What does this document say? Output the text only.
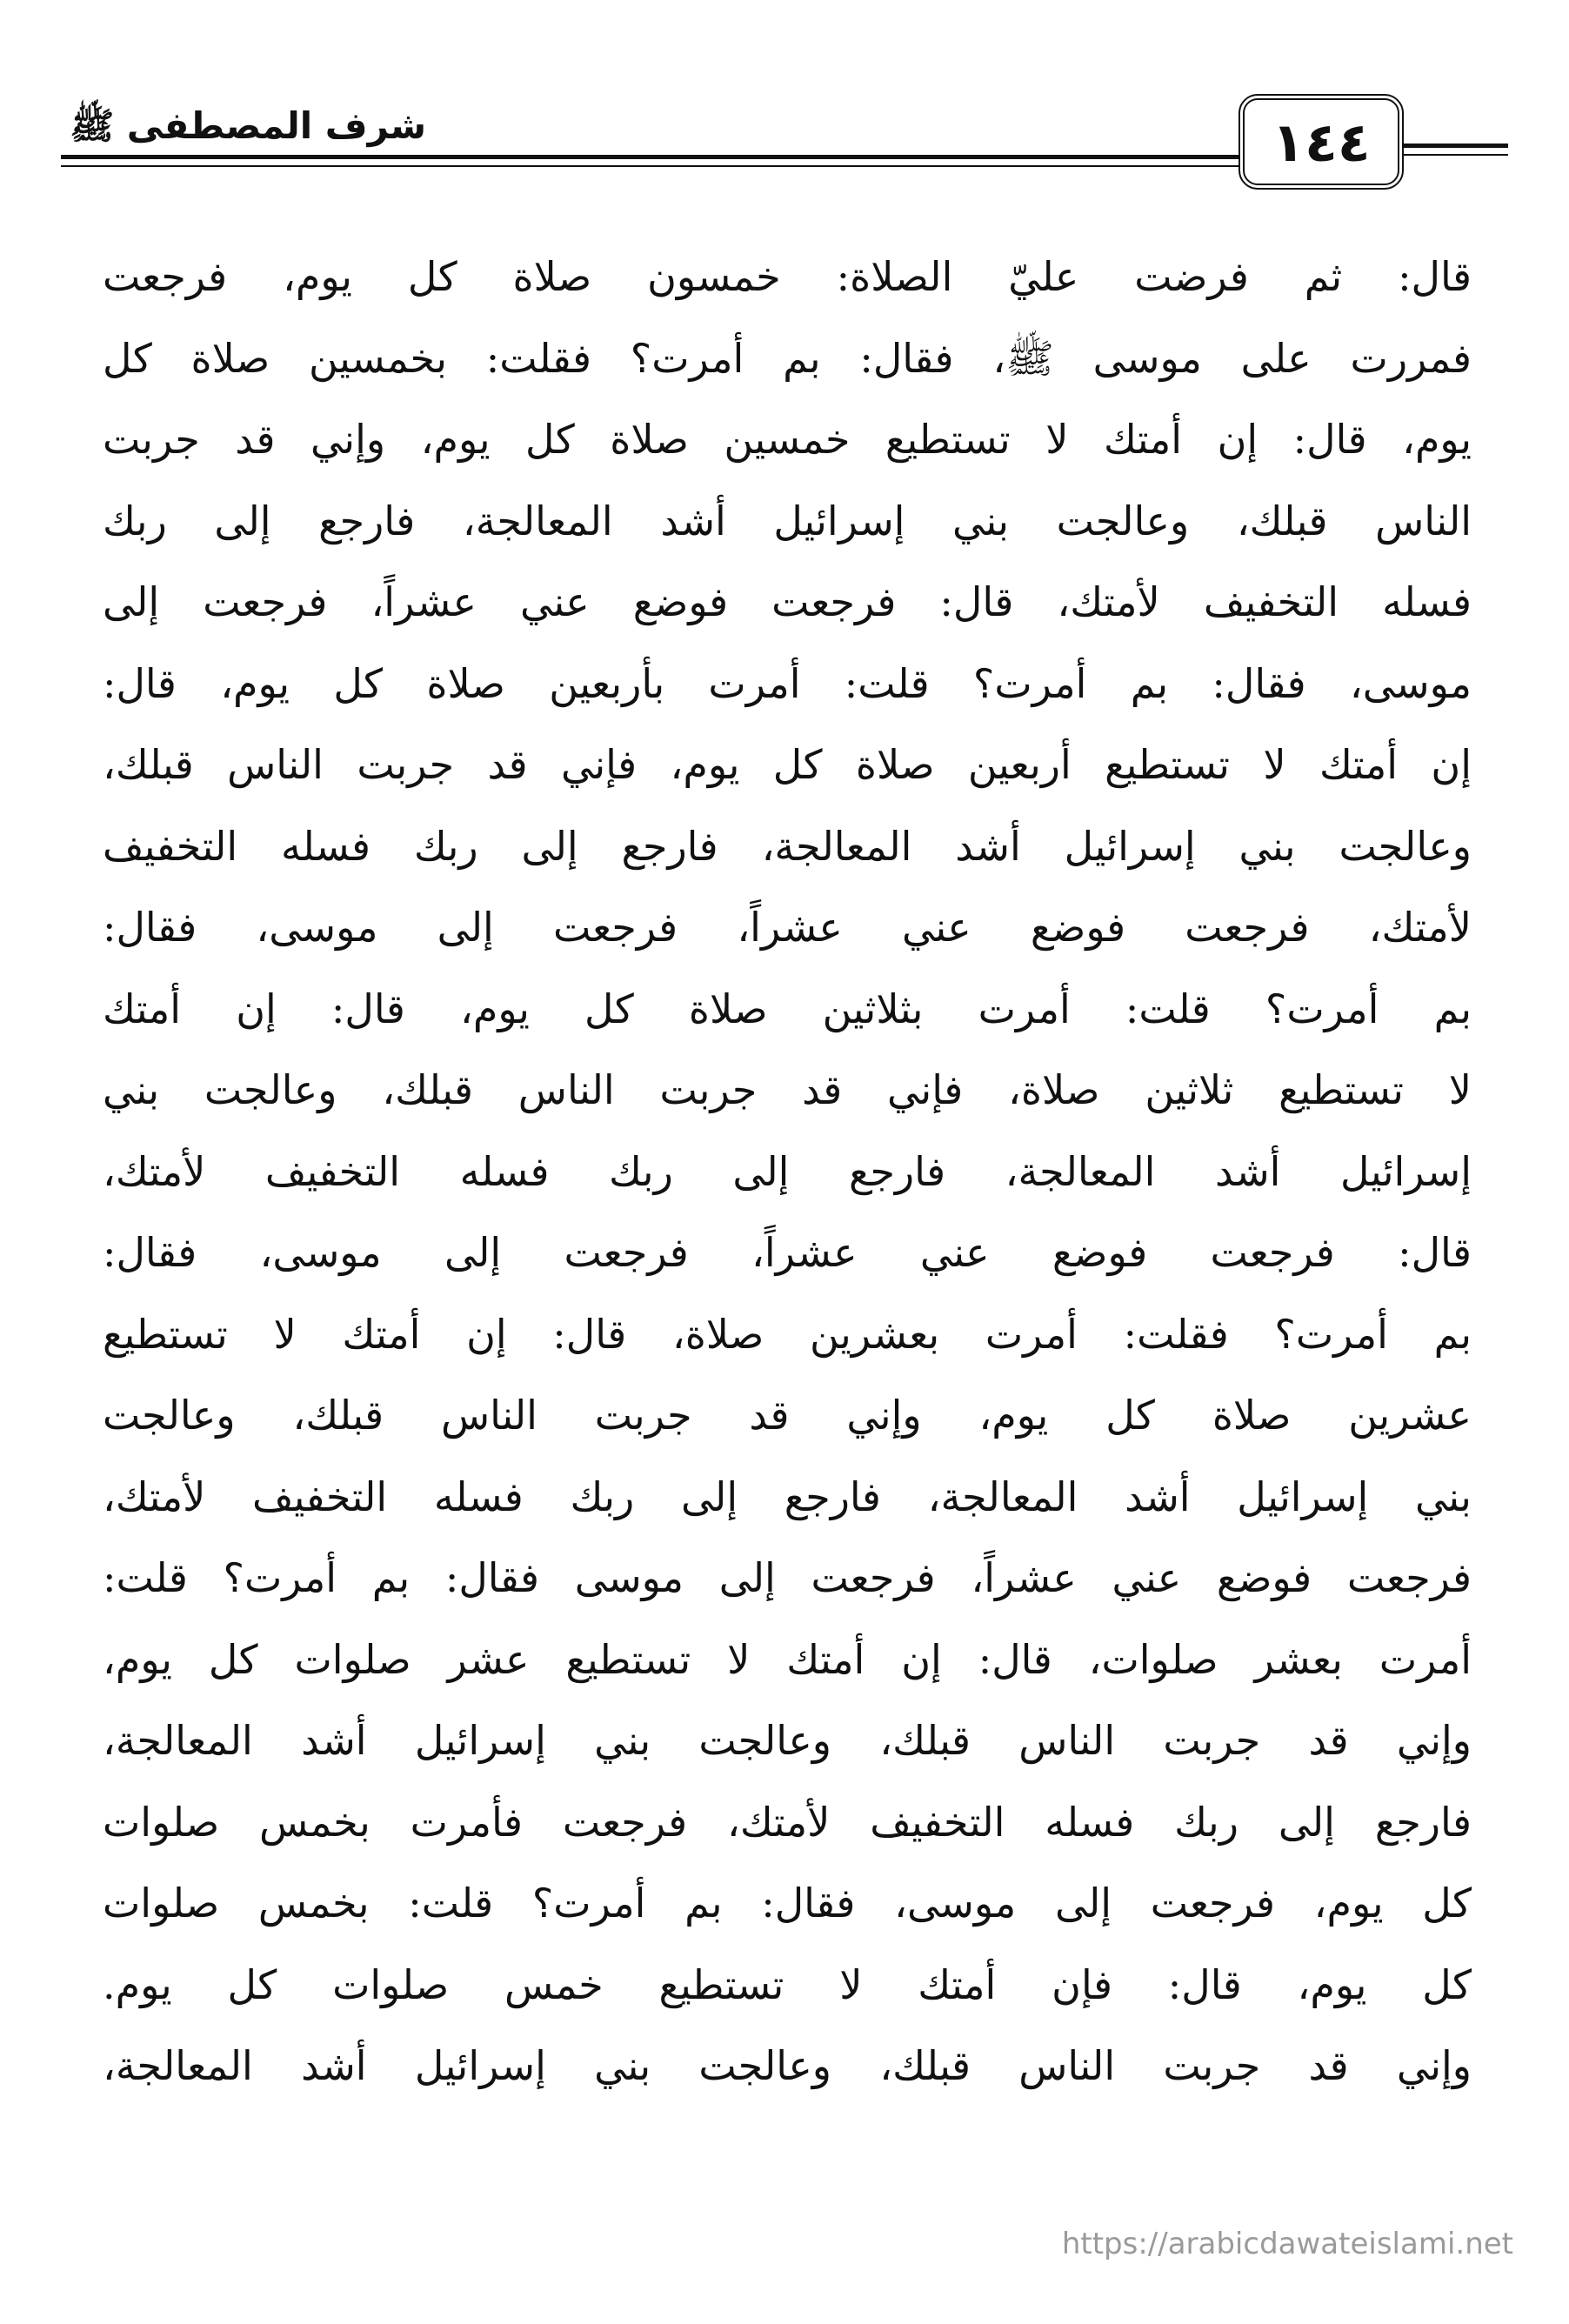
شرف المصطفى ﷺ	١٤٤
قال: ثم فرضت عليّ الصلاة: خمسون صلاة كل يوم، فرجعت
فمررت على موسى ﷺ، فقال: بم أمرت؟ فقلت: بخمسين صلاة كل
يوم، قال: إن أمتك لا تستطيع خمسين صلاة كل يوم، وإني قد جربت
الناس قبلك، وعالجت بني إسرائيل أشد المعالجة، فارجع إلى ربك
فسله التخفيف لأمتك، قال: فرجعت فوضع عني عشراً، فرجعت إلى
موسى، فقال: بم أمرت؟ قلت: أمرت بأربعين صلاة كل يوم، قال:
إن أمتك لا تستطيع أربعين صلاة كل يوم، فإني قد جربت الناس قبلك،
وعالجت بني إسرائيل أشد المعالجة، فارجع إلى ربك فسله التخفيف
لأمتك، فرجعت فوضع عني عشراً، فرجعت إلى موسى، فقال:
بم أمرت؟ قلت: أمرت بثلاثين صلاة كل يوم، قال: إن أمتك
لا تستطيع ثلاثين صلاة، فإني قد جربت الناس قبلك، وعالجت بني
إسرائيل أشد المعالجة، فارجع إلى ربك فسله التخفيف لأمتك،
قال: فرجعت فوضع عني عشراً، فرجعت إلى موسى، فقال:
بم أمرت؟ فقلت: أمرت بعشرين صلاة، قال: إن أمتك لا تستطيع
عشرين صلاة كل يوم، وإني قد جربت الناس قبلك، وعالجت
بني إسرائيل أشد المعالجة، فارجع إلى ربك فسله التخفيف لأمتك،
فرجعت فوضع عني عشراً، فرجعت إلى موسى فقال: بم أمرت؟ قلت:
أمرت بعشر صلوات، قال: إن أمتك لا تستطيع عشر صلوات كل يوم،
وإني قد جربت الناس قبلك، وعالجت بني إسرائيل أشد المعالجة،
فارجع إلى ربك فسله التخفيف لأمتك، فرجعت فأمرت بخمس صلوات
كل يوم، فرجعت إلى موسى، فقال: بم أمرت؟ قلت: بخمس صلوات
كل يوم، قال: فإن أمتك لا تستطيع خمس صلوات كل يوم.
وإني قد جربت الناس قبلك، وعالجت بني إسرائيل أشد المعالجة،
https://arabicdawateislami.net
